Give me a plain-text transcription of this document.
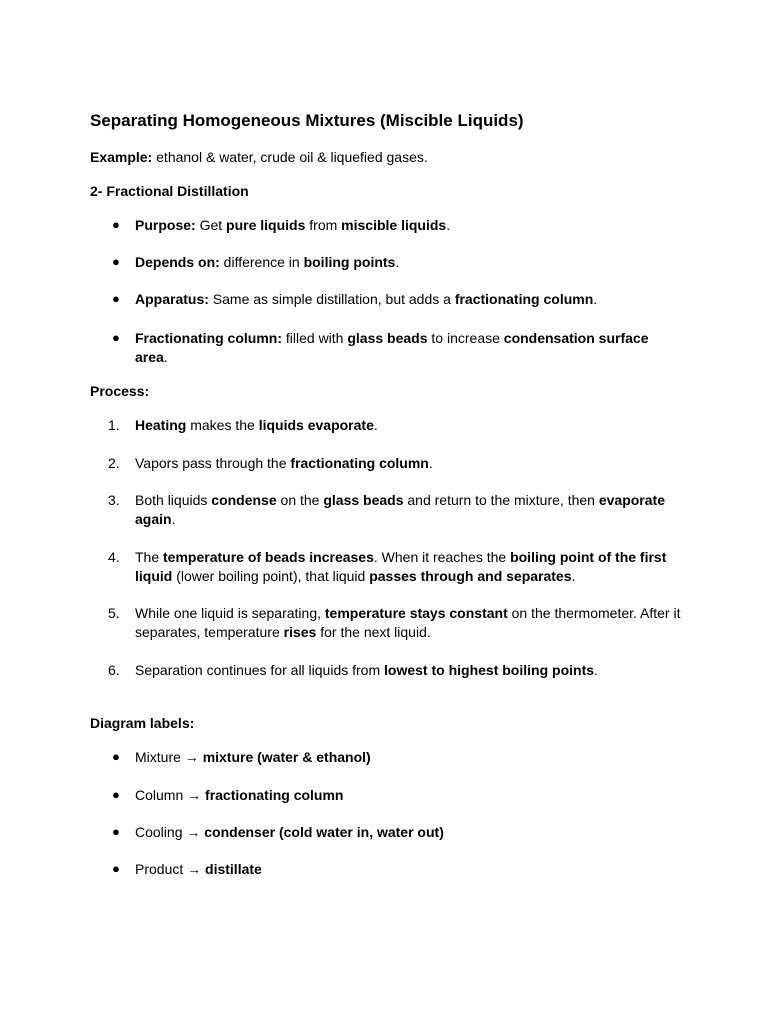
Separating Homogeneous Mixtures (Miscible Liquids)

Example: ethanol & water, crude oil & liquefied gases.

2- Fractional Distillation

● Purpose: Get pure liquids from miscible liquids.
● Depends on: difference in boiling points.
● Apparatus: Same as simple distillation, but adds a fractionating column.
● Fractionating column: filled with glass beads to increase condensation surface area.

Process:

1. Heating makes the liquids evaporate.
2. Vapors pass through the fractionating column.
3. Both liquids condense on the glass beads and return to the mixture, then evaporate again.
4. The temperature of beads increases. When it reaches the boiling point of the first liquid (lower boiling point), that liquid passes through and separates.
5. While one liquid is separating, temperature stays constant on the thermometer. After it separates, temperature rises for the next liquid.
6. Separation continues for all liquids from lowest to highest boiling points.

Diagram labels:

● Mixture → mixture (water & ethanol)
● Column → fractionating column
● Cooling → condenser (cold water in, water out)
● Product → distillate
